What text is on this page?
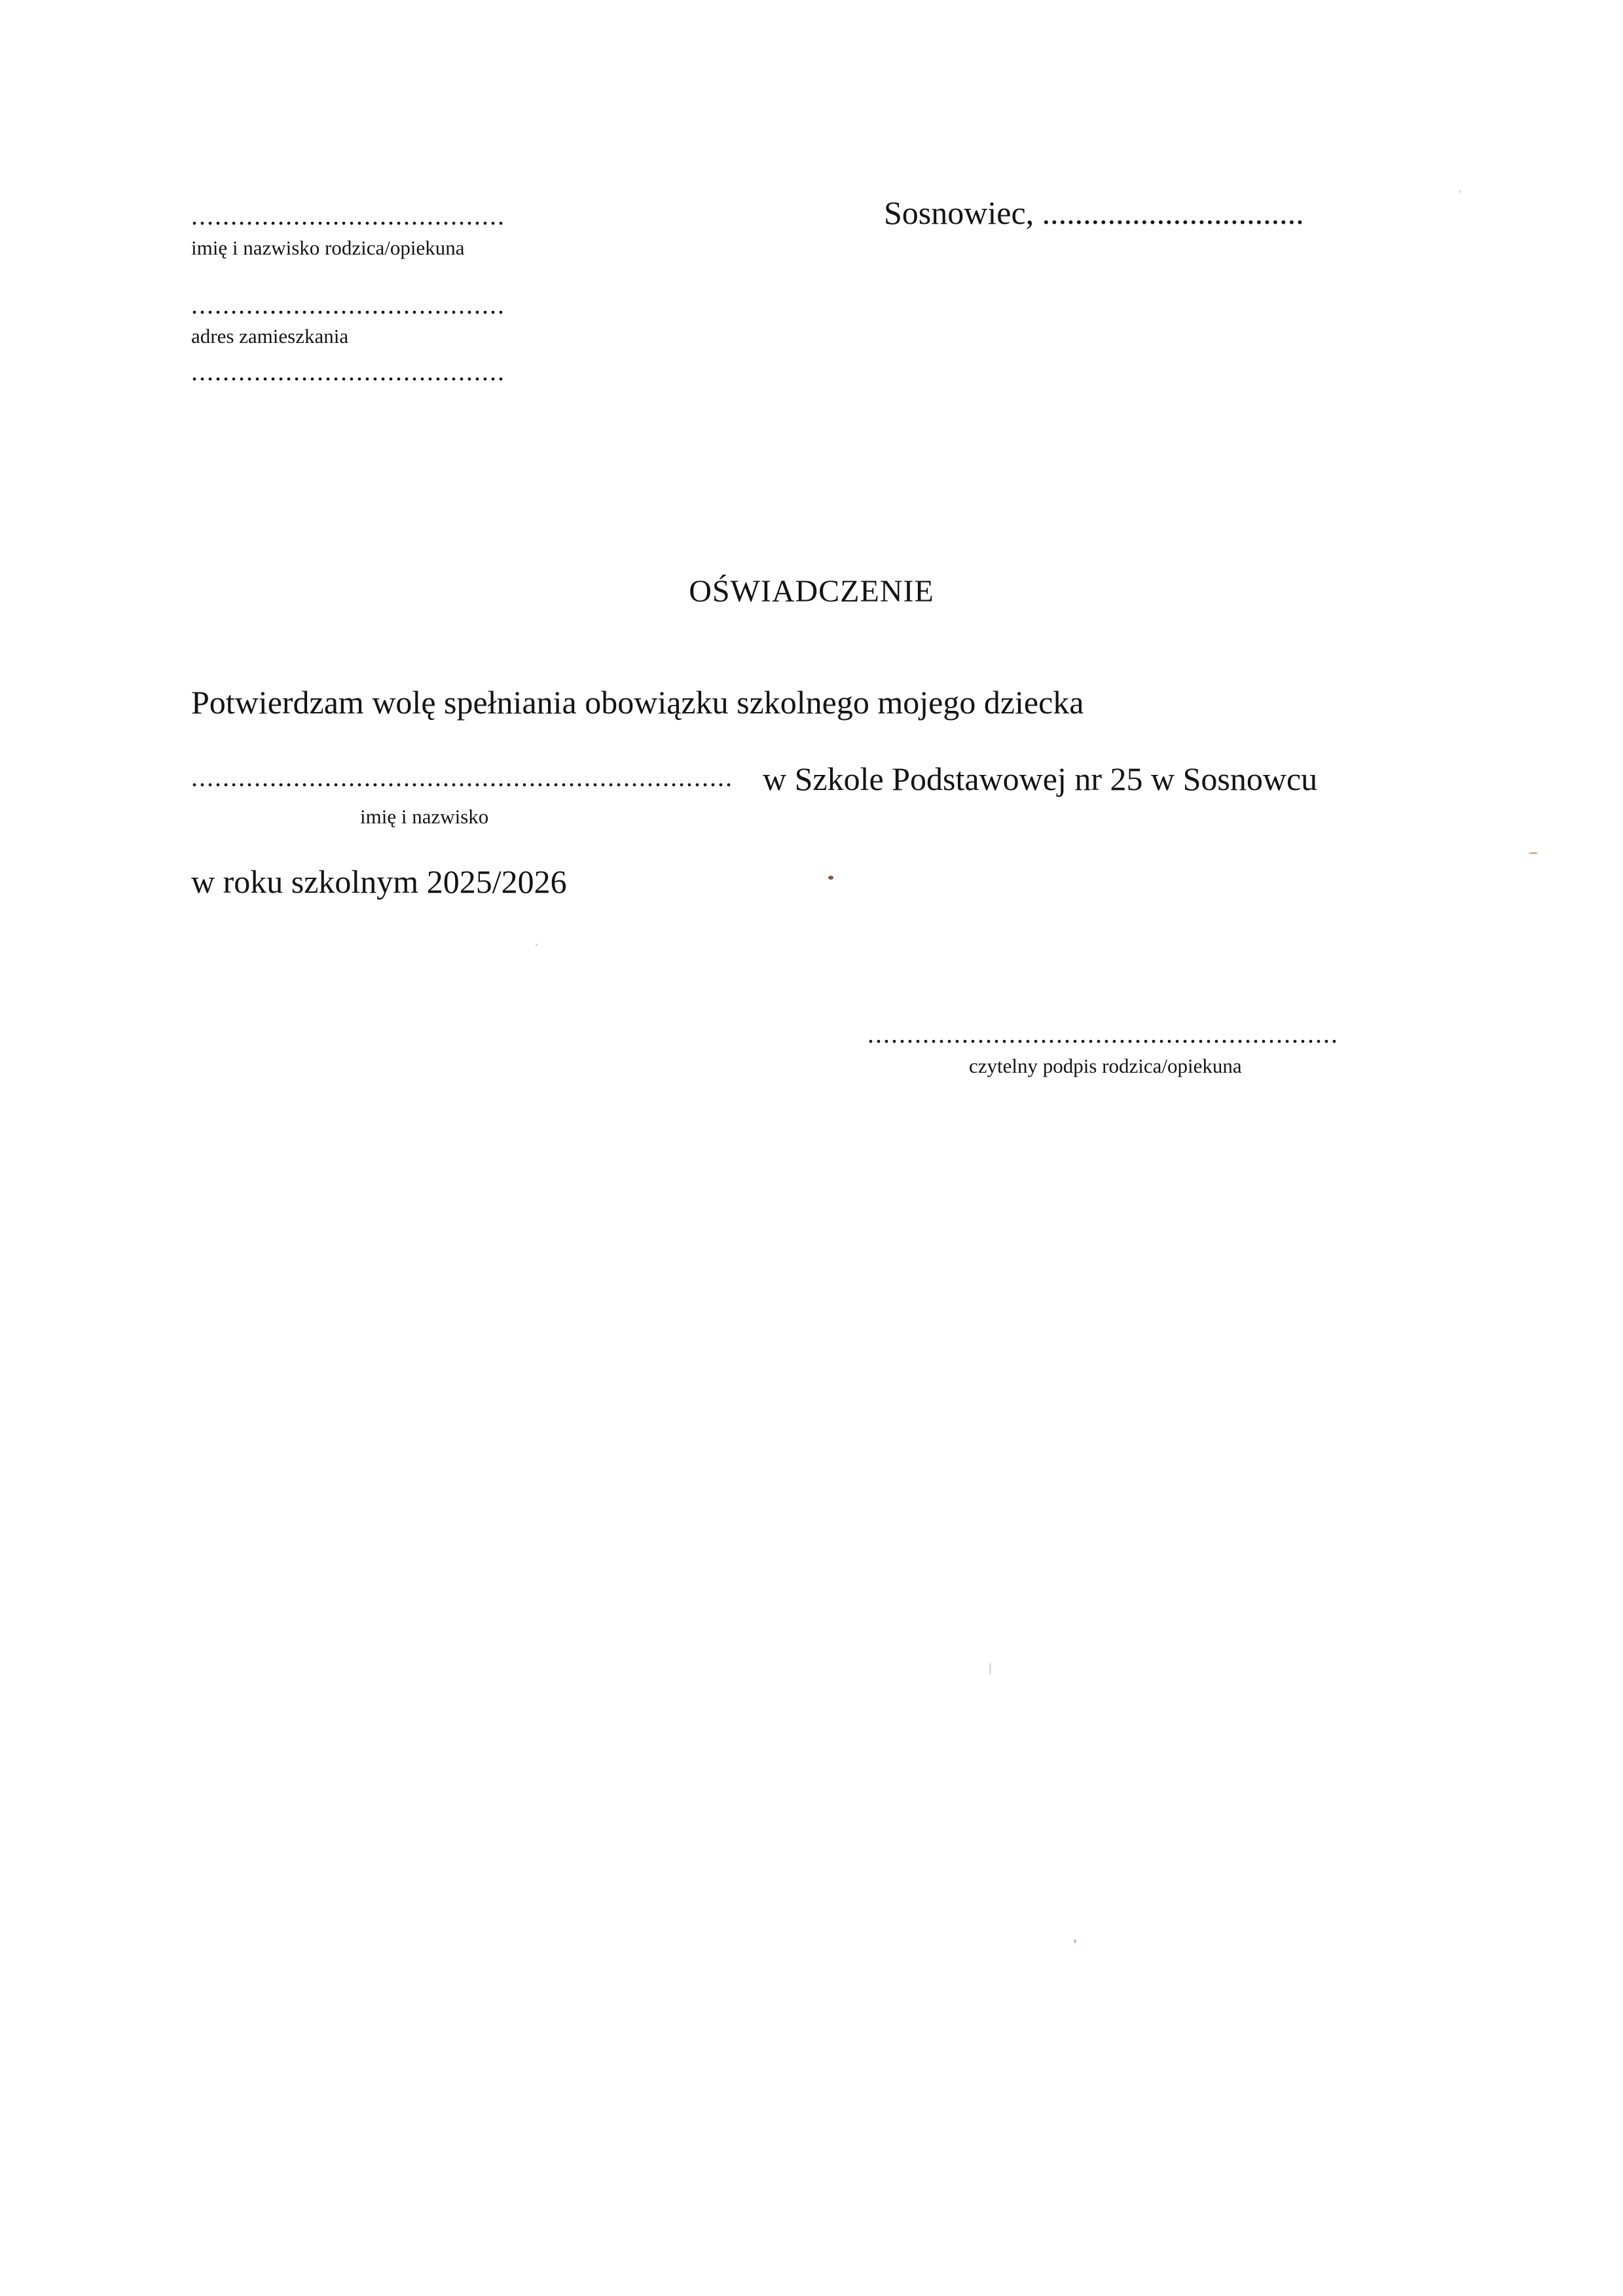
........................................
imię i nazwisko rodzica/opiekuna
........................................
adres zamieszkania
........................................
Sosnowiec, ................................
OŚWIADCZENIE
Potwierdzam wolę spełniania obowiązku szkolnego mojego dziecka
..................................................................... w Szkole Podstawowej nr 25 w Sosnowcu
imię i nazwisko
w roku szkolnym 2025/2026
............................................................
czytelny podpis rodzica/opiekuna
